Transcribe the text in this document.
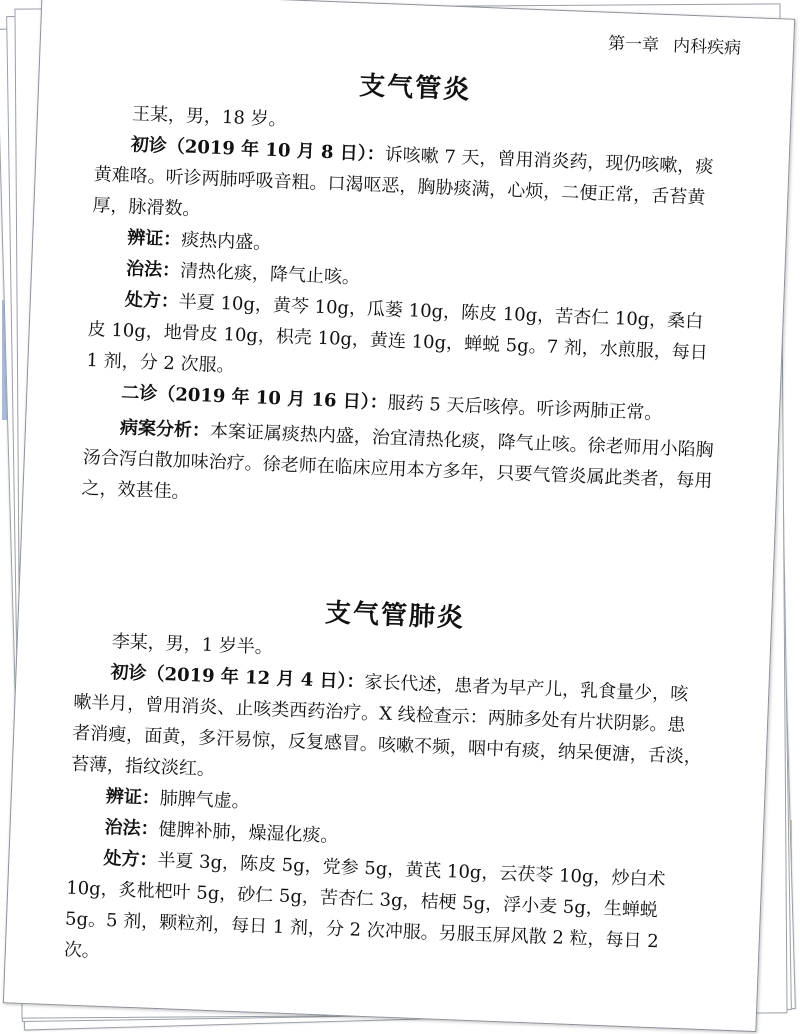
第一章 内科疾病
支气管炎

王某，男，18 岁。

初诊（2019 年 10 月 8 日）：诉咳嗽 7 天，曾用消炎药，现仍咳嗽，痰黄难咯。听诊两肺呼吸音粗。口渴呕恶，胸胁痰满，心烦，二便正常，舌苔黄厚，脉滑数。

辨证：痰热内盛。

治法：清热化痰，降气止咳。

处方：半夏 10g，黄芩 10g，瓜蒌 10g，陈皮 10g，苦杏仁 10g，桑白皮 10g，地骨皮 10g，枳壳 10g，黄连 10g，蝉蜕 5g。7 剂，水煎服，每日 1 剂，分 2 次服。

二诊（2019 年 10 月 16 日）：服药 5 天后咳停。听诊两肺正常。

病案分析：本案证属痰热内盛，治宜清热化痰，降气止咳。徐老师用小陷胸汤合泻白散加味治疗。徐老师在临床应用本方多年，只要气管炎属此类者，每用之，效甚佳。

支气管肺炎

李某，男，1 岁半。

初诊（2019 年 12 月 4 日）：家长代述，患者为早产儿，乳食量少，咳嗽半月，曾用消炎、止咳类西药治疗。X 线检查示：两肺多处有片状阴影。患者消瘦，面黄，多汗易惊，反复感冒。咳嗽不频，咽中有痰，纳呆便溏，舌淡，苔薄，指纹淡红。

辨证：肺脾气虚。

治法：健脾补肺，燥湿化痰。

处方：半夏 3g，陈皮 5g，党参 5g，黄芪 10g，云茯苓 10g，炒白术 10g，炙枇杷叶 5g，砂仁 5g，苦杏仁 3g，桔梗 5g，浮小麦 5g，生蝉蜕 5g。5 剂，颗粒剂，每日 1 剂，分 2 次冲服。另服玉屏风散 2 粒，每日 2 次。
